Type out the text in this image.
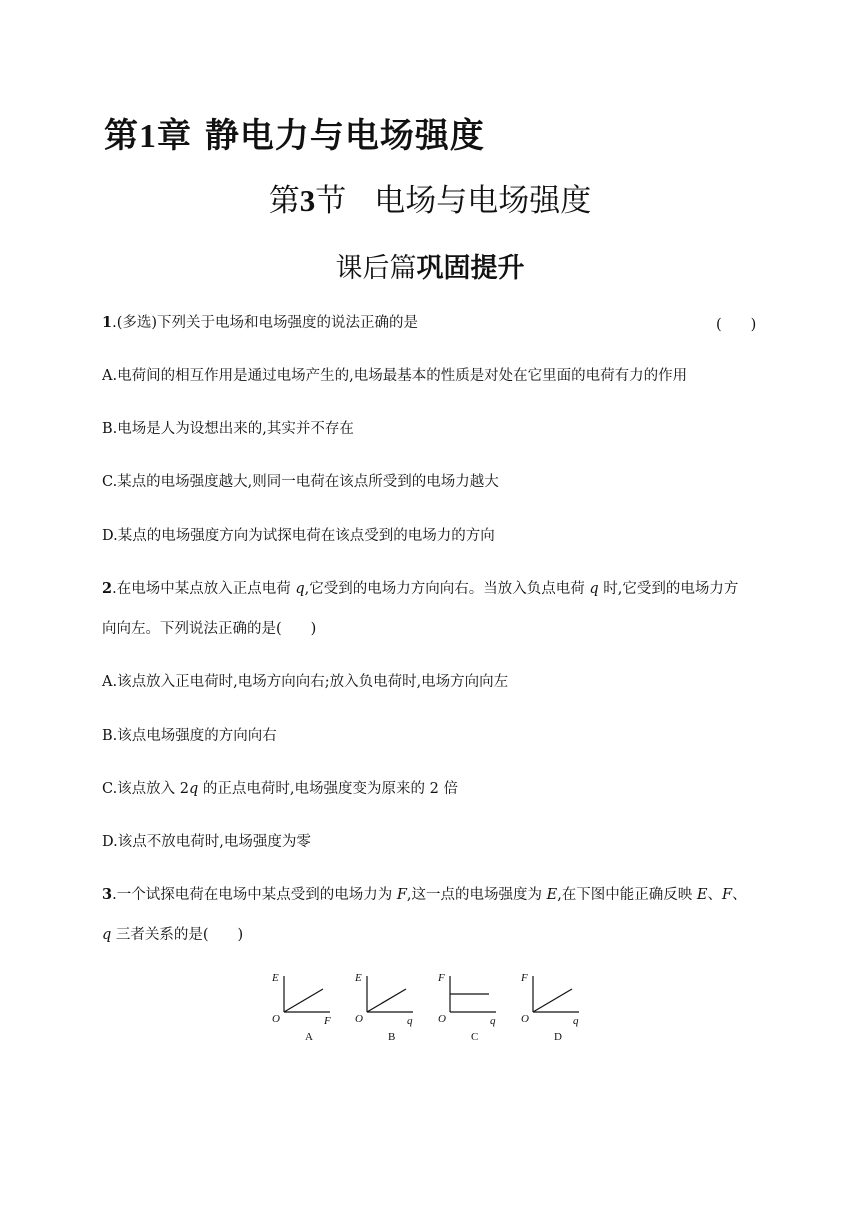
第1章 静电力与电场强度
第3节 电场与电场强度
课后篇巩固提升
1.(多选)下列关于电场和电场强度的说法正确的是	(　　)
A.电荷间的相互作用是通过电场产生的,电场最基本的性质是对处在它里面的电荷有力的作用
B.电场是人为设想出来的,其实并不存在
C.某点的电场强度越大,则同一电荷在该点所受到的电场力越大
D.某点的电场强度方向为试探电荷在该点受到的电场力的方向
2.在电场中某点放入正点电荷 q,它受到的电场力方向向右。当放入负点电荷 q 时,它受到的电场力方
向向左。下列说法正确的是(　　)
A.该点放入正电荷时,电场方向向右;放入负电荷时,电场方向向左
B.该点电场强度的方向向右
C.该点放入 2q 的正点电荷时,电场强度变为原来的 2 倍
D.该点不放电荷时,电场强度为零
3.一个试探电荷在电场中某点受到的电场力为 F,这一点的电场强度为 E,在下图中能正确反映 E、F、
q 三者关系的是(　　)
E
O	F
A
E
O	q
B
F
O	q
C
F
O	q
D
